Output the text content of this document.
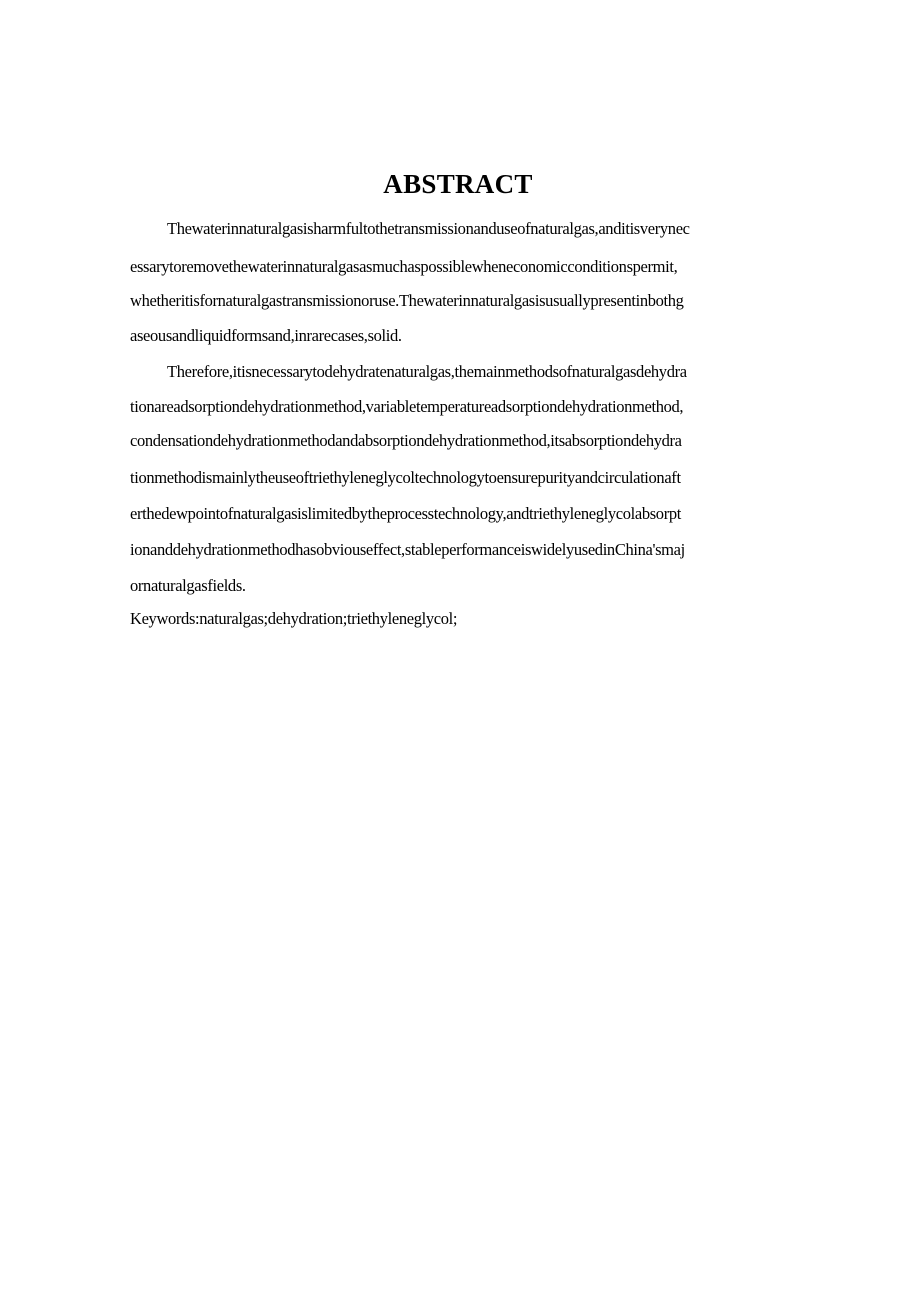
ABSTRACT
Thewaterinnaturalgasisharmfultothetransmissionanduseofnaturalgas,anditisverynec
essarytoremovethewaterinnaturalgasasmuchaspossiblewheneconomicconditionspermit,
whetheritisfornaturalgastransmissionoruse.Thewaterinnaturalgasisusuallypresentinbothg
aseousandliquidformsand,inrarecases,solid.
Therefore,itisnecessarytodehydratenaturalgas,themainmethodsofnaturalgasdehydra
tionareadsorptiondehydrationmethod,variabletemperatureadsorptiondehydrationmethod,
condensationdehydrationmethodandabsorptiondehydrationmethod,itsabsorptiondehydra
tionmethodismainlytheuseoftriethyleneglycoltechnologytoensurepurityandcirculationaft
erthedewpointofnaturalgasislimitedbytheprocesstechnology,andtriethyleneglycolabsorpt
ionanddehydrationmethodhasobviouseffect,stableperformanceiswidelyusedinChina'smaj
ornaturalgasfields.
Keywords:naturalgas;dehydration;triethyleneglycol;
